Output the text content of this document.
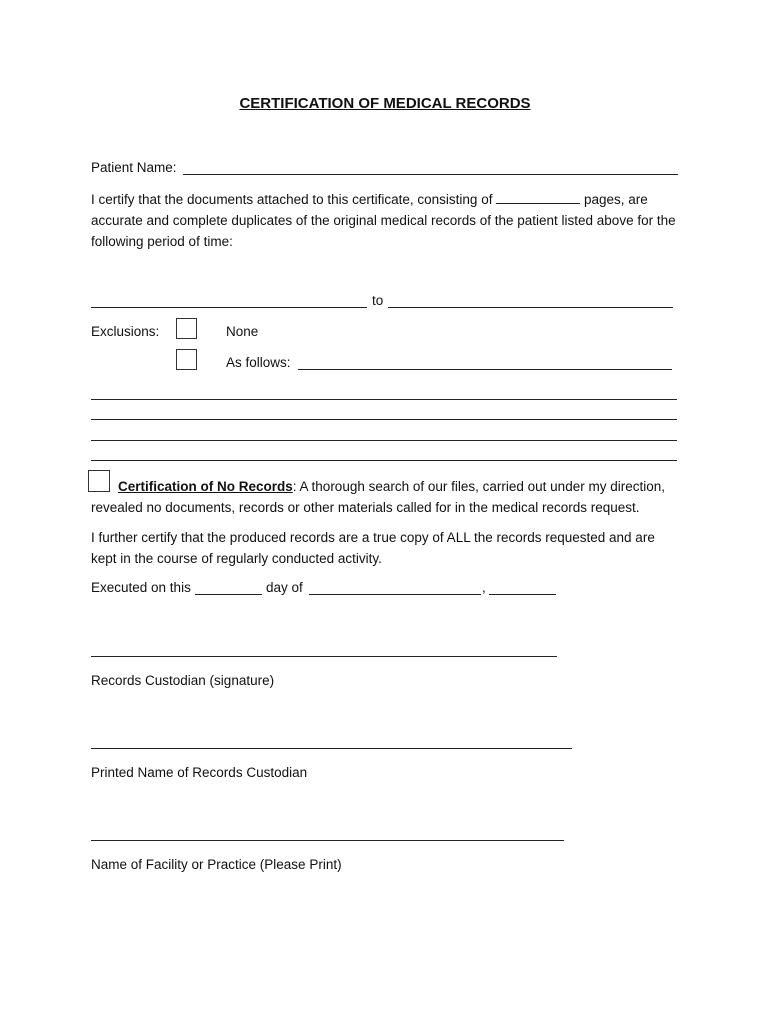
CERTIFICATION OF MEDICAL RECORDS
Patient Name:
I certify that the documents attached to this certificate, consisting of	pages, are accurate and complete duplicates of the original medical records of the patient listed above for the following period of time:
to
Exclusions:	None
As follows:
Certification of No Records: A thorough search of our files, carried out under my direction, revealed no documents, records or other materials called for in the medical records request.
I further certify that the produced records are a true copy of ALL the records requested and are kept in the course of regularly conducted activity.
Executed on this	day of	,
Records Custodian (signature)
Printed Name of Records Custodian
Name of Facility or Practice (Please Print)
